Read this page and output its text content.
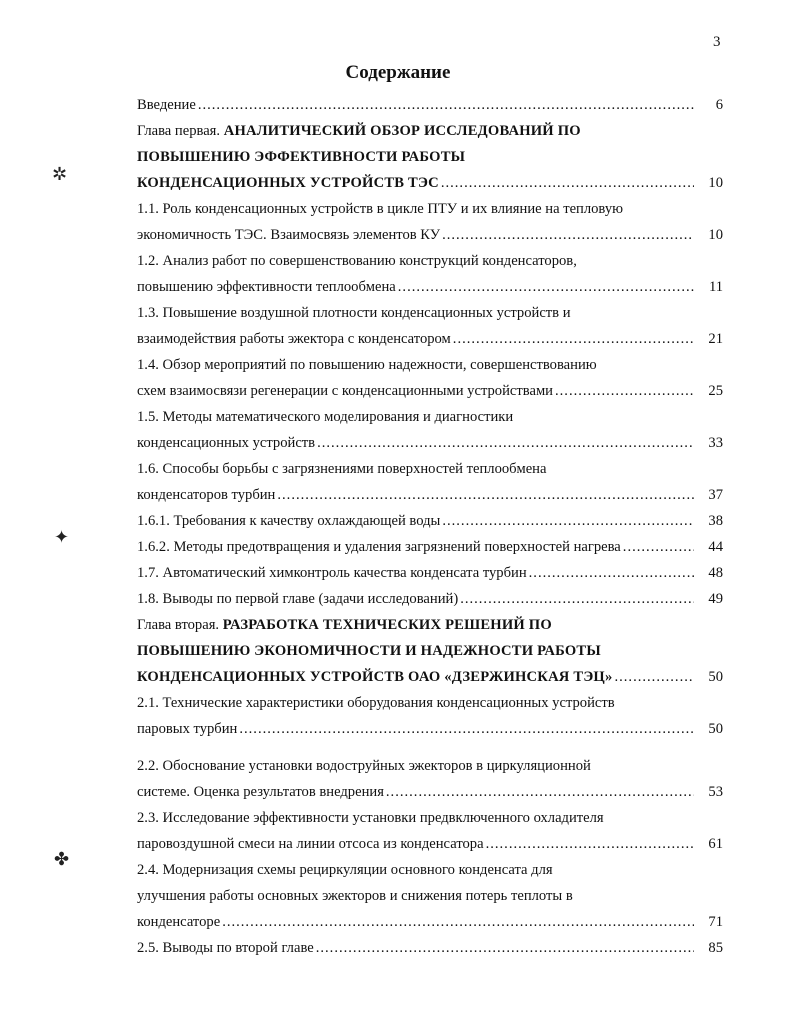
3
Содержание
Введение .....	6
Глава первая.
АНАЛИТИЧЕСКИЙ ОБЗОР ИССЛЕДОВАНИЙ ПО
ПОВЫШЕНИЮ ЭФФЕКТИВНОСТИ РАБОТЫ
КОНДЕНСАЦИОННЫХ УСТРОЙСТВ ТЭС .....	10
1.1. Роль конденсационных устройств в цикле ПТУ и их влияние на тепловую
экономичность ТЭС. Взаимосвязь элементов КУ .....	10
1.2. Анализ работ по совершенствованию конструкций конденсаторов,
повышению эффективности теплообмена .....	11
1.3. Повышение воздушной плотности конденсационных устройств и
взаимодействия работы эжектора с конденсатором .....	21
1.4. Обзор мероприятий по повышению надежности, совершенствованию
схем взаимосвязи регенерации с конденсационными устройствами .....	25
1.5. Методы математического моделирования и диагностики
конденсационных устройств .....	33
1.6. Способы борьбы с загрязнениями поверхностей теплообмена
конденсаторов турбин .....	37
1.6.1. Требования к качеству охлаждающей воды .....	38
1.6.2. Методы предотвращения и удаления загрязнений поверхностей нагрева .....	44
1.7. Автоматический химконтроль качества конденсата турбин .....	48
1.8. Выводы по первой главе (задачи исследований) .....	49
Глава вторая.
РАЗРАБОТКА ТЕХНИЧЕСКИХ РЕШЕНИЙ ПО
ПОВЫШЕНИЮ ЭКОНОМИЧНОСТИ И НАДЕЖНОСТИ РАБОТЫ
КОНДЕНСАЦИОННЫХ УСТРОЙСТВ ОАО «ДЗЕРЖИНСКАЯ ТЭЦ» .....	50
2.1. Технические характеристики оборудования конденсационных устройств
паровых турбин .....	50
2.2. Обоснование установки водоструйных эжекторов в циркуляционной
системе. Оценка результатов внедрения .....	53
2.3. Исследование эффективности установки предвключенного охладителя
паровоздушной смеси на линии отсоса из конденсатора .....	61
2.4. Модернизация схемы рециркуляции основного конденсата для
улучшения работы основных эжекторов и снижения потерь теплоты в
конденсаторе .....	71
2.5. Выводы по второй главе .....	85
✲
✦
✤
